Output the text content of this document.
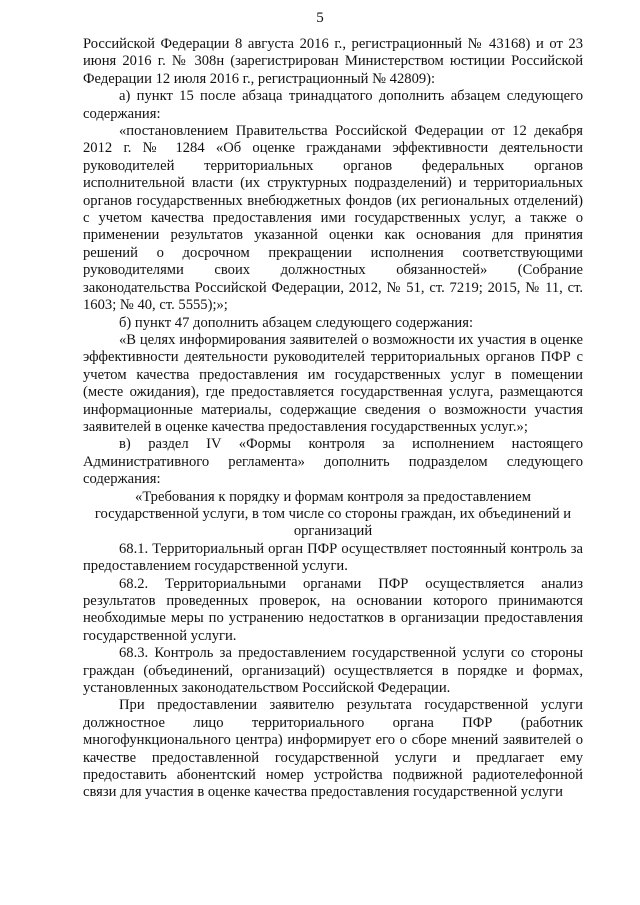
5

Российской Федерации 8 августа 2016 г., регистрационный № 43168) и от 23 июня 2016 г. № 308н (зарегистрирован Министерством юстиции Российской Федерации 12 июля 2016 г., регистрационный № 42809):

а) пункт 15 после абзаца тринадцатого дополнить абзацем следующего содержания:

«постановлением Правительства Российской Федерации от 12 декабря 2012 г. № 1284 «Об оценке гражданами эффективности деятельности руководителей территориальных органов федеральных органов исполнительной власти (их структурных подразделений) и территориальных органов государственных внебюджетных фондов (их региональных отделений) с учетом качества предоставления ими государственных услуг, а также о применении результатов указанной оценки как основания для принятия решений о досрочном прекращении исполнения соответствующими руководителями своих должностных обязанностей» (Собрание законодательства Российской Федерации, 2012, № 51, ст. 7219; 2015, № 11, ст. 1603; № 40, ст. 5555);»;

б) пункт 47 дополнить абзацем следующего содержания:

«В целях информирования заявителей о возможности их участия в оценке эффективности деятельности руководителей территориальных органов ПФР с учетом качества предоставления им государственных услуг в помещении (месте ожидания), где предоставляется государственная услуга, размещаются информационные материалы, содержащие сведения о возможности участия заявителей в оценке качества предоставления государственных услуг.»;

в) раздел IV «Формы контроля за исполнением настоящего Административного регламента» дополнить подразделом следующего содержания:

«Требования к порядку и формам контроля за предоставлением государственной услуги, в том числе со стороны граждан, их объединений и организаций

68.1. Территориальный орган ПФР осуществляет постоянный контроль за предоставлением государственной услуги.

68.2. Территориальными органами ПФР осуществляется анализ результатов проведенных проверок, на основании которого принимаются необходимые меры по устранению недостатков в организации предоставления государственной услуги.

68.3. Контроль за предоставлением государственной услуги со стороны граждан (объединений, организаций) осуществляется в порядке и формах, установленных законодательством Российской Федерации.

При предоставлении заявителю результата государственной услуги должностное лицо территориального органа ПФР (работник многофункционального центра) информирует его о сборе мнений заявителей о качестве предоставленной государственной услуги и предлагает ему предоставить абонентский номер устройства подвижной радиотелефонной связи для участия в оценке качества предоставления государственной услуги
